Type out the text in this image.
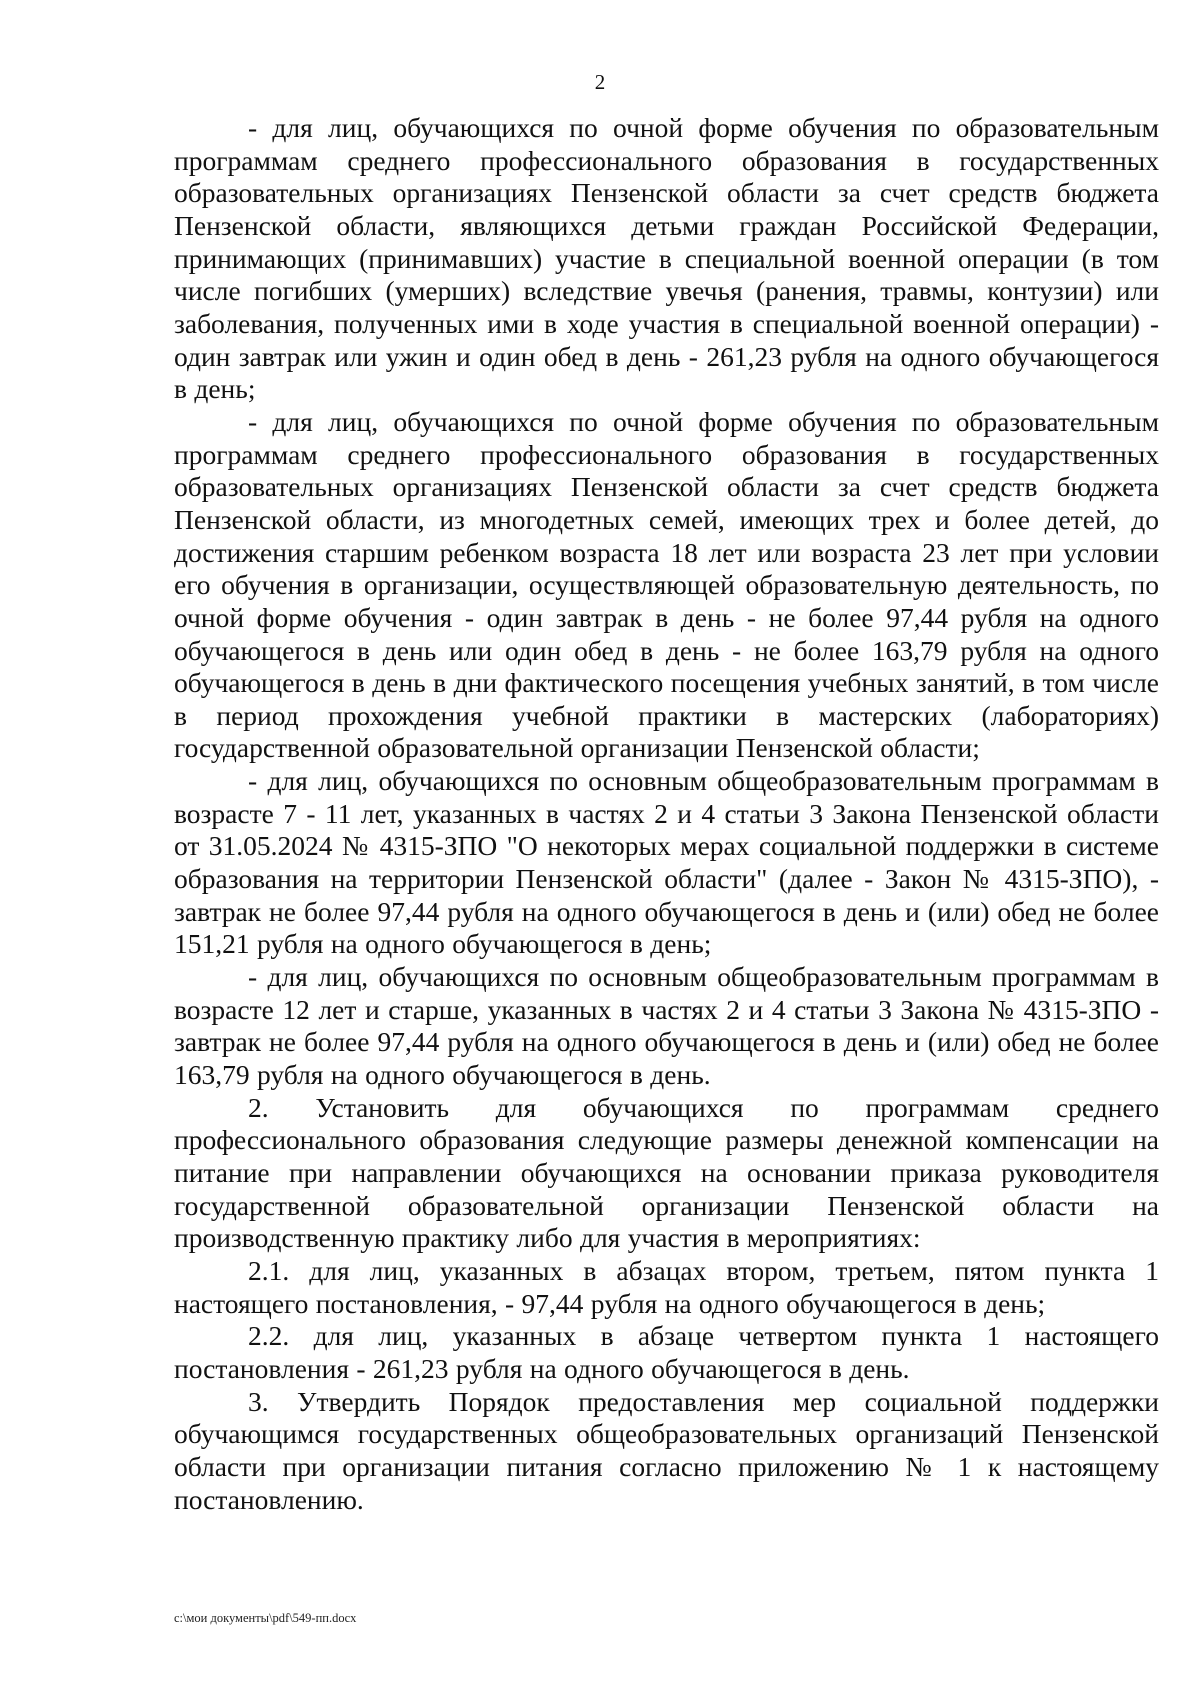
2

- для лиц, обучающихся по очной форме обучения по образовательным программам среднего профессионального образования в государственных образовательных организациях Пензенской области за счет средств бюджета Пензенской области, являющихся детьми граждан Российской Федерации, принимающих (принимавших) участие в специальной военной операции (в том числе погибших (умерших) вследствие увечья (ранения, травмы, контузии) или заболевания, полученных ими в ходе участия в специальной военной операции) - один завтрак или ужин и один обед в день - 261,23 рубля на одного обучающегося в день;

- для лиц, обучающихся по очной форме обучения по образовательным программам среднего профессионального образования в государственных образовательных организациях Пензенской области за счет средств бюджета Пензенской области, из многодетных семей, имеющих трех и более детей, до достижения старшим ребенком возраста 18 лет или возраста 23 лет при условии его обучения в организации, осуществляющей образовательную деятельность, по очной форме обучения - один завтрак в день - не более 97,44 рубля на одного обучающегося в день или один обед в день - не более 163,79 рубля на одного обучающегося в день в дни фактического посещения учебных занятий, в том числе в период прохождения учебной практики в мастерских (лабораториях) государственной образовательной организации Пензенской области;

- для лиц, обучающихся по основным общеобразовательным программам в возрасте 7 - 11 лет, указанных в частях 2 и 4 статьи 3 Закона Пензенской области от 31.05.2024 № 4315-ЗПО "О некоторых мерах социальной поддержки в системе образования на территории Пензенской области" (далее - Закон № 4315-ЗПО), - завтрак не более 97,44 рубля на одного обучающегося в день и (или) обед не более 151,21 рубля на одного обучающегося в день;

- для лиц, обучающихся по основным общеобразовательным программам в возрасте 12 лет и старше, указанных в частях 2 и 4 статьи 3 Закона № 4315-ЗПО - завтрак не более 97,44 рубля на одного обучающегося в день и (или) обед не более 163,79 рубля на одного обучающегося в день.

2. Установить для обучающихся по программам среднего профессионального образования следующие размеры денежной компенсации на питание при направлении обучающихся на основании приказа руководителя государственной образовательной организации Пензенской области на производственную практику либо для участия в мероприятиях:

2.1. для лиц, указанных в абзацах втором, третьем, пятом пункта 1 настоящего постановления, - 97,44 рубля на одного обучающегося в день;

2.2. для лиц, указанных в абзаце четвертом пункта 1 настоящего постановления - 261,23 рубля на одного обучающегося в день.

3. Утвердить Порядок предоставления мер социальной поддержки обучающимся государственных общеобразовательных организаций Пензенской области при организации питания согласно приложению № 1 к настоящему постановлению.

c:\мои документы\pdf\549-пп.docx
